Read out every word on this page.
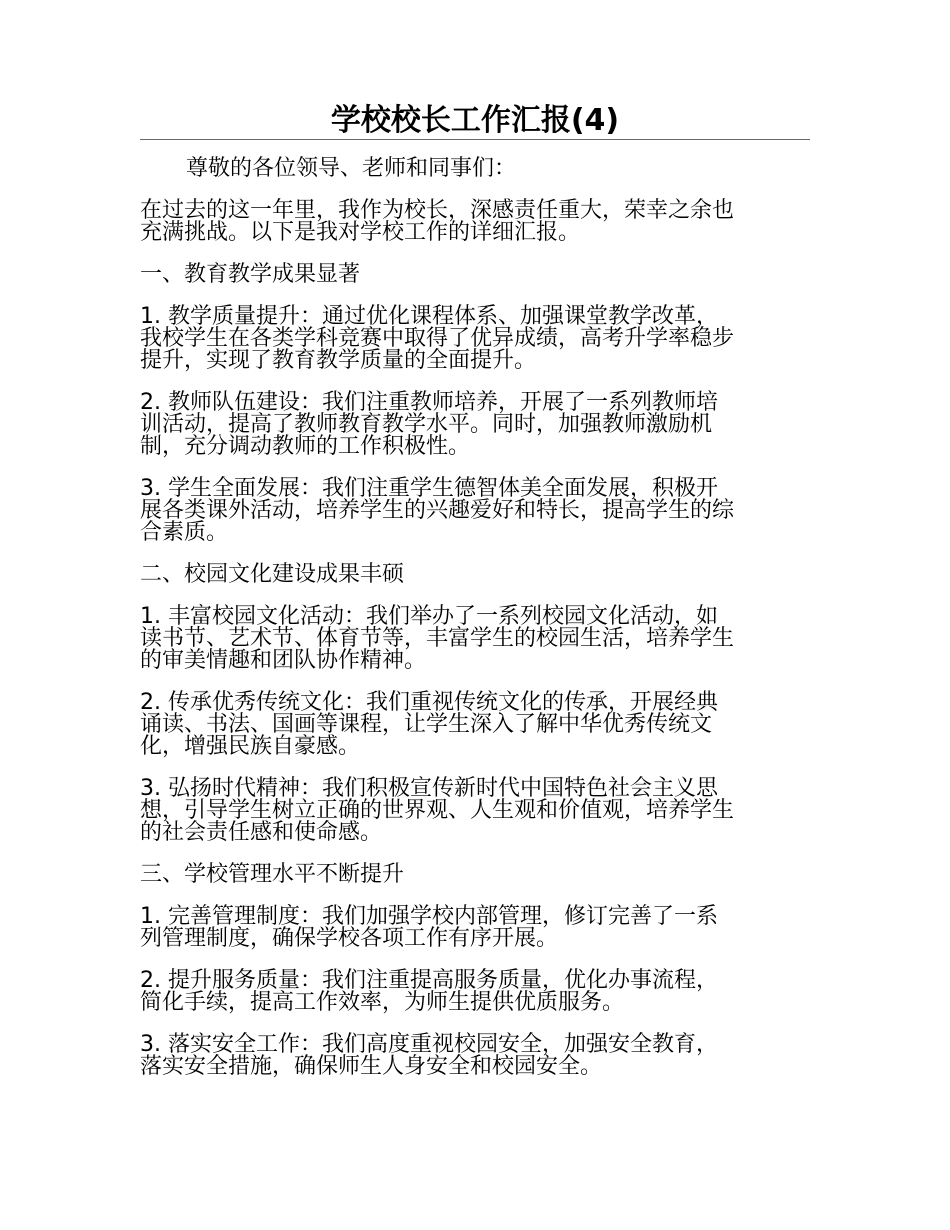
学校校长工作汇报(4)
尊敬的各位领导、老师和同事们：
在过去的这一年里，我作为校长，深感责任重大，荣幸之余也
充满挑战。以下是我对学校工作的详细汇报。
一、教育教学成果显著
1. 教学质量提升：通过优化课程体系、加强课堂教学改革，
我校学生在各类学科竞赛中取得了优异成绩，高考升学率稳步
提升，实现了教育教学质量的全面提升。
2. 教师队伍建设：我们注重教师培养，开展了一系列教师培
训活动，提高了教师教育教学水平。同时，加强教师激励机
制，充分调动教师的工作积极性。
3. 学生全面发展：我们注重学生德智体美全面发展，积极开
展各类课外活动，培养学生的兴趣爱好和特长，提高学生的综
合素质。
二、校园文化建设成果丰硕
1. 丰富校园文化活动：我们举办了一系列校园文化活动，如
读书节、艺术节、体育节等，丰富学生的校园生活，培养学生
的审美情趣和团队协作精神。
2. 传承优秀传统文化：我们重视传统文化的传承，开展经典
诵读、书法、国画等课程，让学生深入了解中华优秀传统文
化，增强民族自豪感。
3. 弘扬时代精神：我们积极宣传新时代中国特色社会主义思
想，引导学生树立正确的世界观、人生观和价值观，培养学生
的社会责任感和使命感。
三、学校管理水平不断提升
1. 完善管理制度：我们加强学校内部管理，修订完善了一系
列管理制度，确保学校各项工作有序开展。
2. 提升服务质量：我们注重提高服务质量，优化办事流程，
简化手续，提高工作效率，为师生提供优质服务。
3. 落实安全工作：我们高度重视校园安全，加强安全教育，
落实安全措施，确保师生人身安全和校园安全。
